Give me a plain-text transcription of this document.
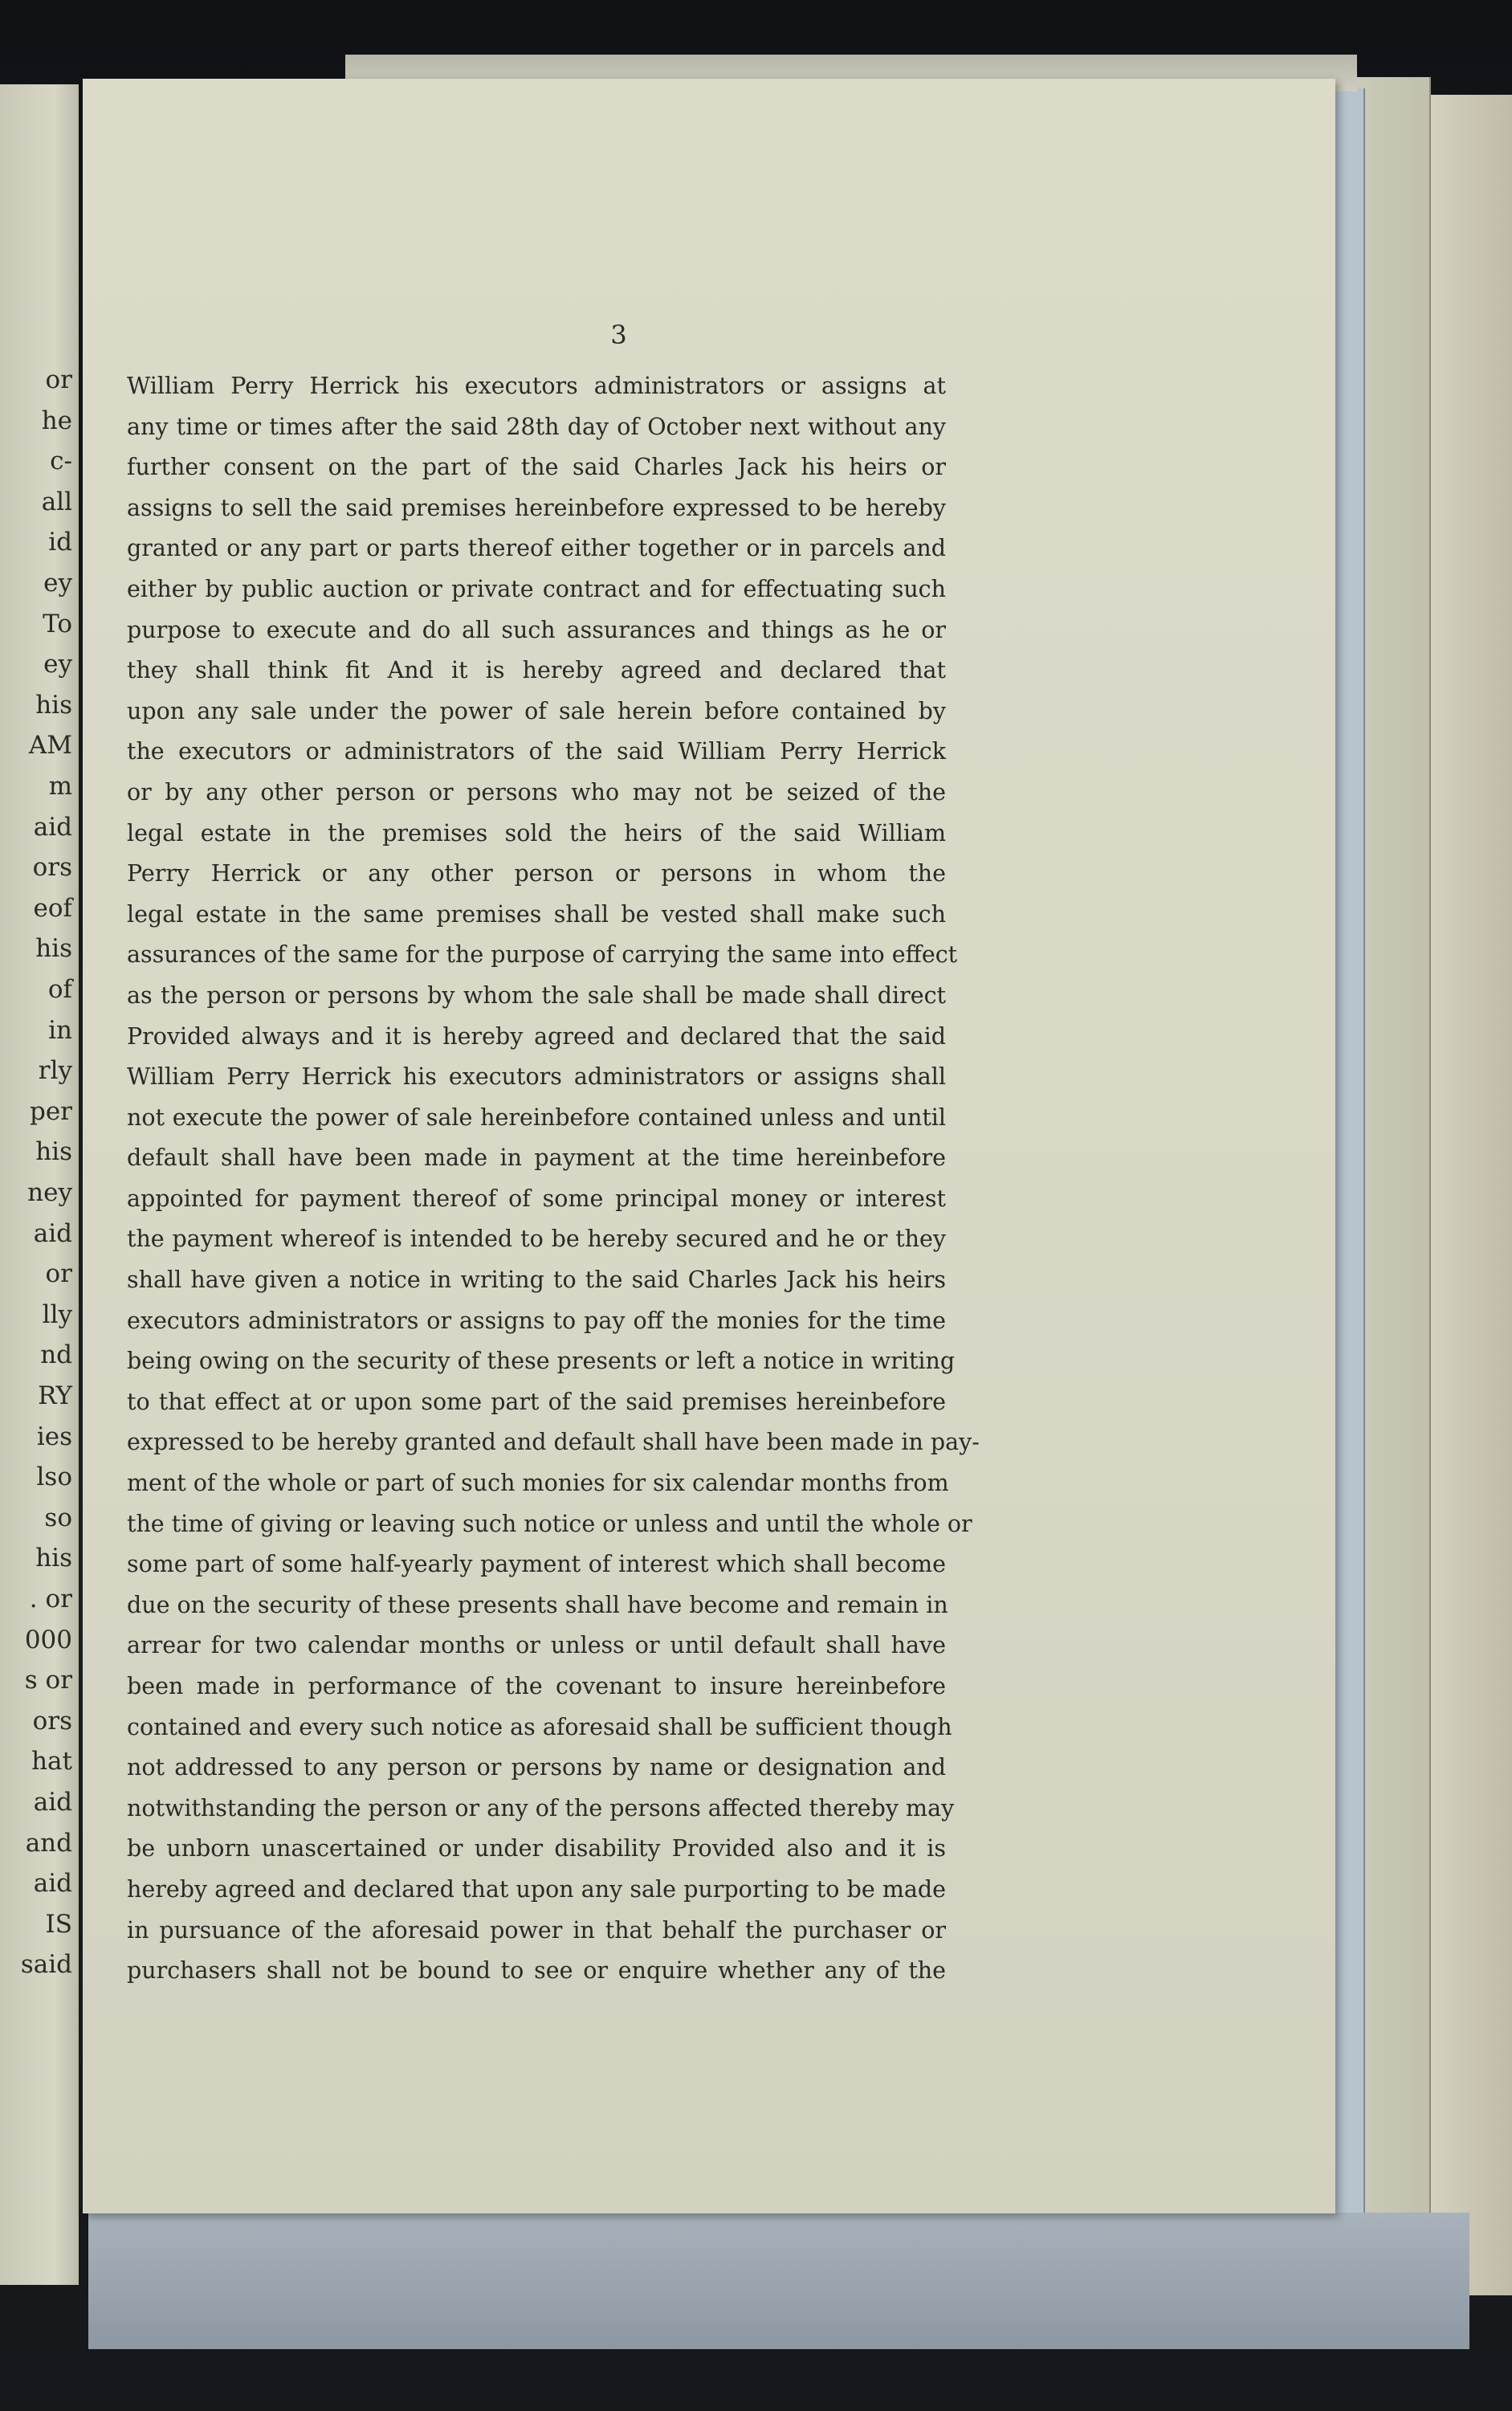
or
he
c-
all
id
ey
To
ey
his
AM
m
aid
ors
eof
his
of
in
rly
per
his
ney
aid
or
lly
nd
RY
ies
lso
so
his
. or
000
s or
ors
hat
aid
and
aid
IS
said
3
William Perry Herrick his executors administrators or assigns at
any time or times after the said 28th day of October next without any
further consent on the part of the said Charles Jack his heirs or
assigns to sell the said premises hereinbefore expressed to be hereby
granted or any part or parts thereof either together or in parcels and
either by public auction or private contract and for effectuating such
purpose to execute and do all such assurances and things as he or
they shall think fit And it is hereby agreed and declared that
upon any sale under the power of sale herein before contained by
the executors or administrators of the said William Perry Herrick
or by any other person or persons who may not be seized of the
legal estate in the premises sold the heirs of the said William
Perry Herrick or any other person or persons in whom the
legal estate in the same premises shall be vested shall make such
assurances of the same for the purpose of carrying the same into effect
as the person or persons by whom the sale shall be made shall direct
Provided always and it is hereby agreed and declared that the said
William Perry Herrick his executors administrators or assigns shall
not execute the power of sale hereinbefore contained unless and until
default shall have been made in payment at the time hereinbefore
appointed for payment thereof of some principal money or interest
the payment whereof is intended to be hereby secured and he or they
shall have given a notice in writing to the said Charles Jack his heirs
executors administrators or assigns to pay off the monies for the time
being owing on the security of these presents or left a notice in writing
to that effect at or upon some part of the said premises hereinbefore
expressed to be hereby granted and default shall have been made in pay-
ment of the whole or part of such monies for six calendar months from
the time of giving or leaving such notice or unless and until the whole or
some part of some half-yearly payment of interest which shall become
due on the security of these presents shall have become and remain in
arrear for two calendar months or unless or until default shall have
been made in performance of the covenant to insure hereinbefore
contained and every such notice as aforesaid shall be sufficient though
not addressed to any person or persons by name or designation and
notwithstanding the person or any of the persons affected thereby may
be unborn unascertained or under disability Provided also and it is
hereby agreed and declared that upon any sale purporting to be made
in pursuance of the aforesaid power in that behalf the purchaser or
purchasers shall not be bound to see or enquire whether any of the
